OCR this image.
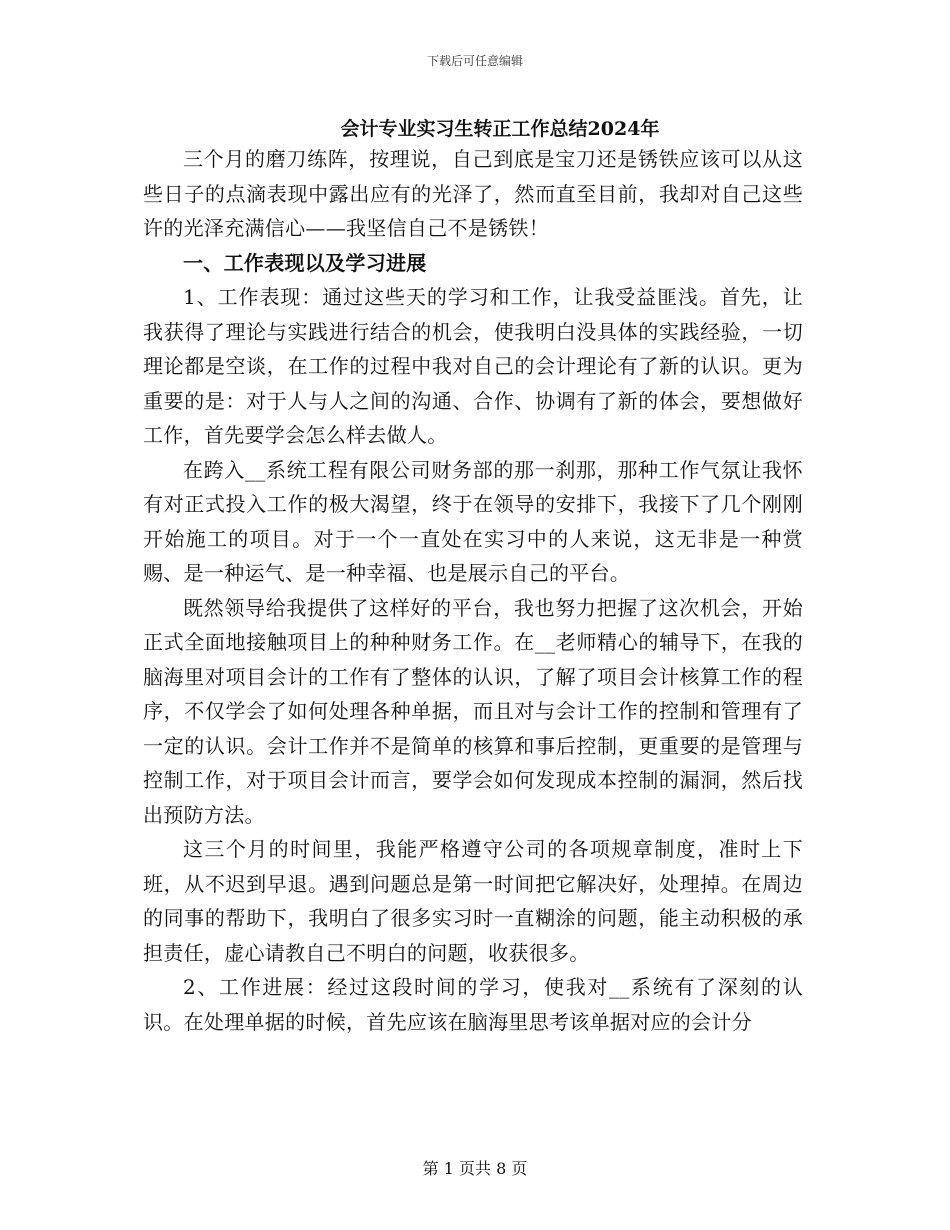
下载后可任意编辑
会计专业实习生转正工作总结2024年

三个月的磨刀练阵，按理说，自己到底是宝刀还是锈铁应该可以从这些日子的点滴表现中露出应有的光泽了，然而直至目前，我却对自己这些许的光泽充满信心——我坚信自己不是锈铁！

一、工作表现以及学习进展

1、工作表现：通过这些天的学习和工作，让我受益匪浅。首先，让我获得了理论与实践进行结合的机会，使我明白没具体的实践经验，一切理论都是空谈，在工作的过程中我对自己的会计理论有了新的认识。更为重要的是：对于人与人之间的沟通、合作、协调有了新的体会，要想做好工作，首先要学会怎么样去做人。

在跨入__系统工程有限公司财务部的那一刹那，那种工作气氛让我怀有对正式投入工作的极大渴望，终于在领导的安排下，我接下了几个刚刚开始施工的项目。对于一个一直处在实习中的人来说，这无非是一种赏赐、是一种运气、是一种幸福、也是展示自己的平台。

既然领导给我提供了这样好的平台，我也努力把握了这次机会，开始正式全面地接触项目上的种种财务工作。在__老师精心的辅导下，在我的脑海里对项目会计的工作有了整体的认识，了解了项目会计核算工作的程序，不仅学会了如何处理各种单据，而且对与会计工作的控制和管理有了一定的认识。会计工作并不是简单的核算和事后控制，更重要的是管理与控制工作，对于项目会计而言，要学会如何发现成本控制的漏洞，然后找出预防方法。

这三个月的时间里，我能严格遵守公司的各项规章制度，准时上下班，从不迟到早退。遇到问题总是第一时间把它解决好，处理掉。在周边的同事的帮助下，我明白了很多实习时一直糊涂的问题，能主动积极的承担责任，虚心请教自己不明白的问题，收获很多。

2、工作进展：经过这段时间的学习，使我对__系统有了深刻的认识。在处理单据的时候，首先应该在脑海里思考该单据对应的会计分

第 1 页共 8 页
